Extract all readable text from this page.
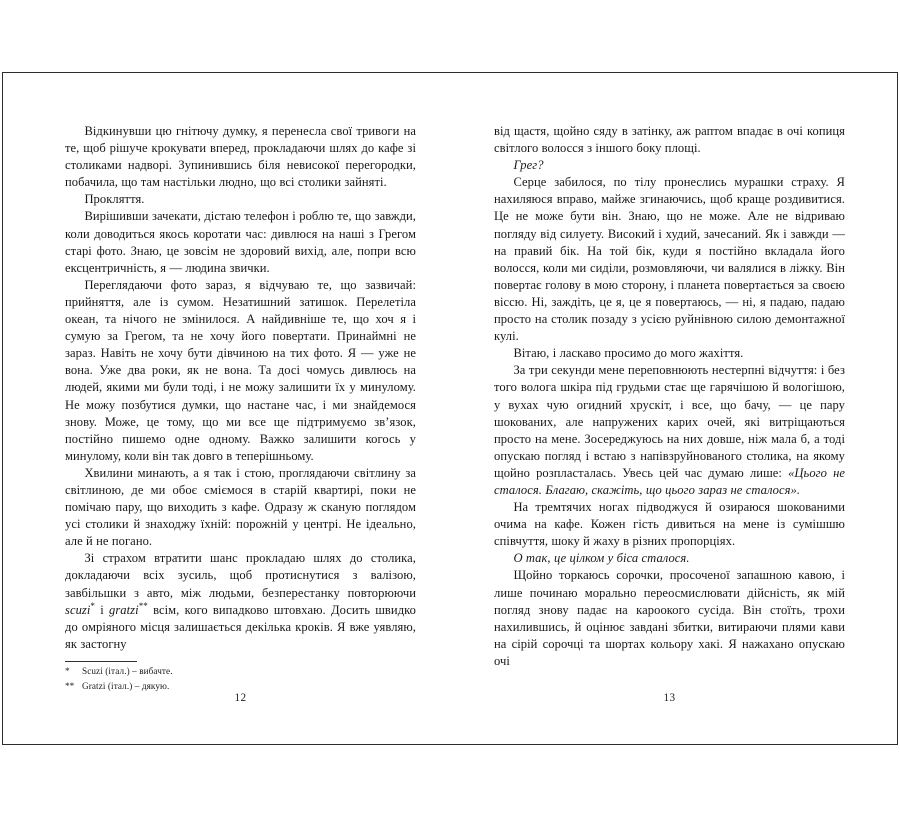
Відкинувши цю гнітючу думку, я перенесла свої тривоги на те, щоб рішуче крокувати вперед, прокладаючи шлях до кафе зі столиками надворі. Зупинившись біля невисокої перегородки, побачила, що там настільки людно, що всі столики зайняті.

Прокляття.

Вирішивши зачекати, дістаю телефон і роблю те, що завжди, коли доводиться якось коротати час: дивлюся на наші з Грегом старі фото. Знаю, це зовсім не здоровий вихід, але, попри всю ексцентричність, я — людина звички.

Переглядаючи фото зараз, я відчуваю те, що зазвичай: прийняття, але із сумом. Незатишний затишок. Перелетіла океан, та нічого не змінилося. А найдивніше те, що хоч я і сумую за Грегом, та не хочу його повертати. Принаймні не зараз. Навіть не хочу бути дівчиною на тих фото. Я — уже не вона. Уже два роки, як не вона. Та досі чомусь дивлюсь на людей, якими ми були тоді, і не можу залишити їх у минулому. Не можу позбутися думки, що настане час, і ми знайдемося знову. Може, це тому, що ми все ще підтримуємо зв’язок, постійно пишемо одне одному. Важко залишити когось у минулому, коли він так довго в теперішньому.

Хвилини минають, а я так і стою, проглядаючи світлину за світлиною, де ми обоє сміємося в старій квартирі, поки не помічаю пару, що виходить з кафе. Одразу ж сканую поглядом усі столики й знаходжу їхній: порожній у центрі. Не ідеально, але й не погано.

Зі страхом втратити шанс прокладаю шлях до столика, докладаючи всіх зусиль, щоб протиснутися з валізою, завбільшки з авто, між людьми, безперестанку повторюючи scuzi* і gratzi** всім, кого випадково штовхаю. Досить швидко до омріяного місця залишається декілька кроків. Я вже уявляю, як застогну

* Scuzi (італ.) – вибачте.
** Gratzi (італ.) – дякую.
12

від щастя, щойно сяду в затінку, аж раптом впадає в очі копиця світлого волосся з іншого боку площі.

Грег?

Серце забилося, по тілу пронеслись мурашки страху. Я нахиляюся вправо, майже згинаючись, щоб краще роздивитися. Це не може бути він. Знаю, що не може. Але не відриваю погляду від силуету. Високий і худий, зачесаний. Як і завжди — на правий бік. На той бік, куди я постійно вкладала його волосся, коли ми сиділи, розмовляючи, чи валялися в ліжку. Він повертає голову в мою сторону, і планета повертається за своєю віссю. Ні, заждіть, це я, це я повертаюсь, — ні, я падаю, падаю просто на столик позаду з усією руйнівною силою демонтажної кулі.

Вітаю, і ласкаво просимо до мого жахіття.

За три секунди мене переповнюють нестерпні відчуття: і без того волога шкіра під грудьми стає ще гарячішою й вологішою, у вухах чую огидний хрускіт, і все, що бачу, — це пару шокованих, але напружених карих очей, які витріщаються просто на мене. Зосереджуюсь на них довше, ніж мала б, а тоді опускаю погляд і встаю з напівзруйнованого столика, на якому щойно розпласталась. Увесь цей час думаю лише: «Цього не сталося. Благаю, скажіть, що цього зараз не сталося».

На тремтячих ногах підводжуся й озираюся шокованими очима на кафе. Кожен гість дивиться на мене із сумішшю співчуття, шоку й жаху в різних пропорціях.

О так, це цілком у біса сталося.

Щойно торкаюсь сорочки, просоченої запашною кавою, і лише починаю морально переосмислювати дійсність, як мій погляд знову падає на кароокого сусіда. Він стоїть, трохи нахилившись, й оцінює завдані збитки, витираючи плями кави на сірій сорочці та шортах кольору хакі. Я нажахано опускаю очі

13
